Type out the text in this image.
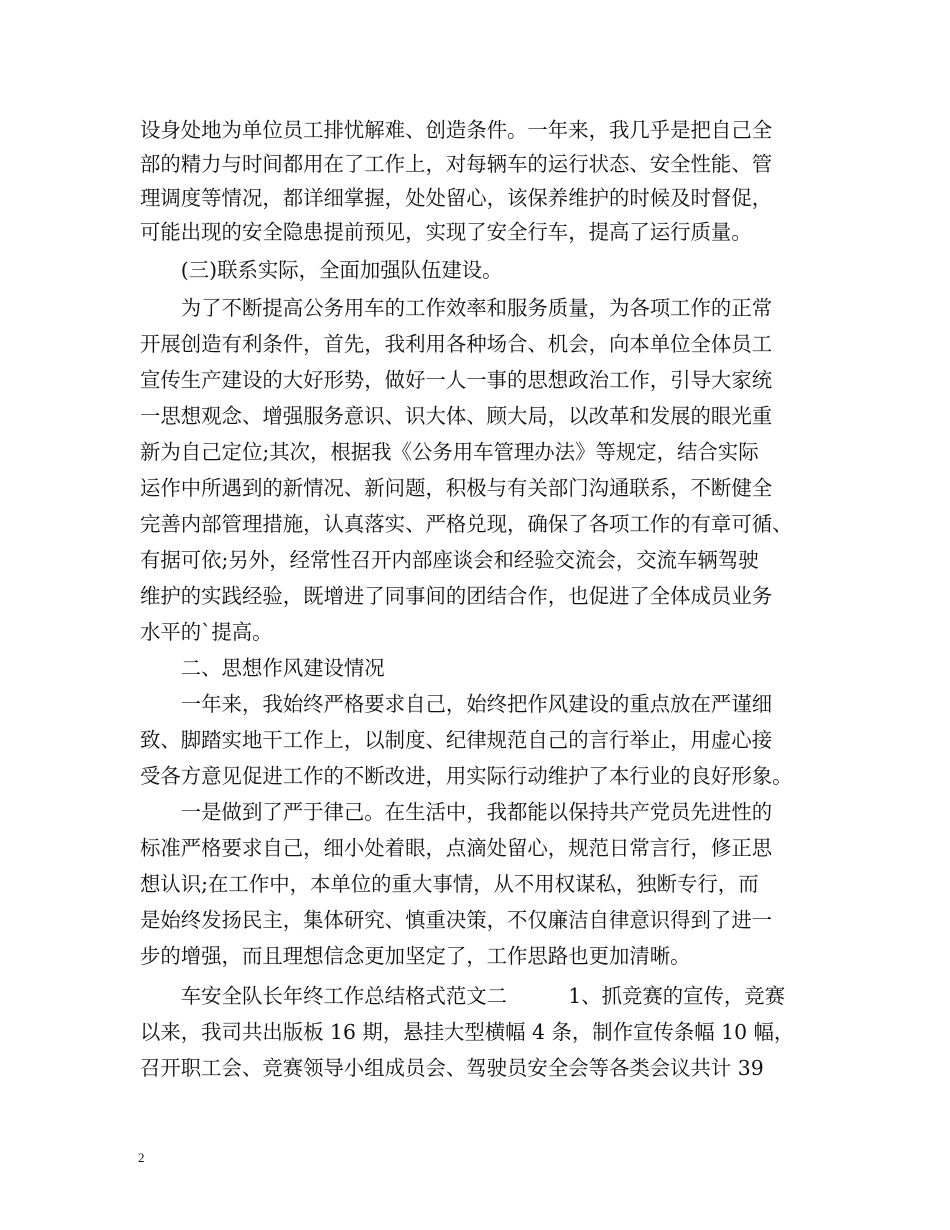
设身处地为单位员工排忧解难、创造条件。一年来，我几乎是把自己全
部的精力与时间都用在了工作上，对每辆车的运行状态、安全性能、管
理调度等情况，都详细掌握，处处留心，该保养维护的时候及时督促，
可能出现的安全隐患提前预见，实现了安全行车，提高了运行质量。
　　(三)联系实际，全面加强队伍建设。
　　为了不断提高公务用车的工作效率和服务质量，为各项工作的正常
开展创造有利条件，首先，我利用各种场合、机会，向本单位全体员工
宣传生产建设的大好形势，做好一人一事的思想政治工作，引导大家统
一思想观念、增强服务意识、识大体、顾大局，以改革和发展的眼光重
新为自己定位;其次，根据我《公务用车管理办法》等规定，结合实际
运作中所遇到的新情况、新问题，积极与有关部门沟通联系，不断健全
完善内部管理措施，认真落实、严格兑现，确保了各项工作的有章可循、
有据可依;另外，经常性召开内部座谈会和经验交流会，交流车辆驾驶
维护的实践经验，既增进了同事间的团结合作，也促进了全体成员业务
水平的`提高。
　　二、思想作风建设情况
　　一年来，我始终严格要求自己，始终把作风建设的重点放在严谨细
致、脚踏实地干工作上，以制度、纪律规范自己的言行举止，用虚心接
受各方意见促进工作的不断改进，用实际行动维护了本行业的良好形象。
　　一是做到了严于律己。在生活中，我都能以保持共产党员先进性的
标准严格要求自己，细小处着眼，点滴处留心，规范日常言行，修正思
想认识;在工作中，本单位的重大事情，从不用权谋私，独断专行，而
是始终发扬民主，集体研究、慎重决策，不仅廉洁自律意识得到了进一
步的增强，而且理想信念更加坚定了，工作思路也更加清晰。
　　车安全队长年终工作总结格式范文二　　　1、抓竞赛的宣传，竞赛
以来，我司共出版板 16 期，悬挂大型横幅 4 条，制作宣传条幅 10 幅，
召开职工会、竞赛领导小组成员会、驾驶员安全会等各类会议共计 39
2
